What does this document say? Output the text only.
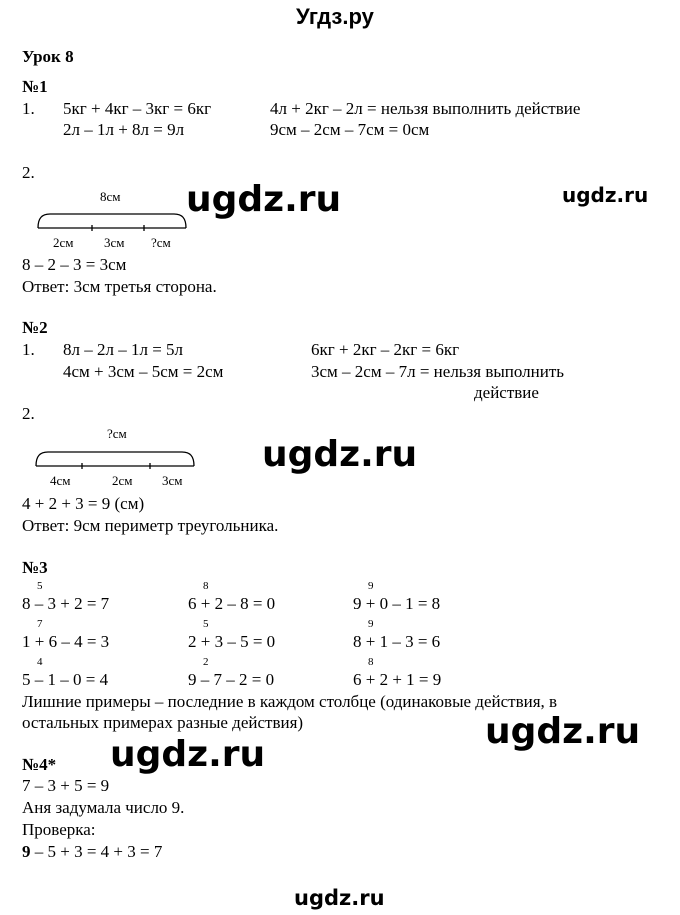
Угдз.ру
Урок 8
№1
1. 5кг + 4кг – 3кг = 6кг	4л + 2кг – 2л = нельзя выполнить действие
2л – 1л + 8л = 9л	9см – 2см – 7см = 0см
2.
8см
2см 3см ?см
8 – 2 – 3 = 3см
Ответ: 3см третья сторона.
ugdz.ru	ugdz.ru
№2
1. 8л – 2л – 1л = 5л	6кг + 2кг – 2кг = 6кг
4см + 3см – 5см = 2см	3см – 2см – 7л = нельзя выполнить
действие
2.
?см
4см	2см 3см
4 + 2 + 3 = 9 (см)
Ответ: 9см периметр треугольника.
ugdz.ru
№3
5	8	9
8 – 3 + 2 = 7	6 + 2 – 8 = 0	9 + 0 – 1 = 8
7	5	9
1 + 6 – 4 = 3	2 + 3 – 5 = 0	8 + 1 – 3 = 6
4	2	8
5 – 1 – 0 = 4	9 – 7 – 2 = 0	6 + 2 + 1 = 9
Лишние примеры – последние в каждом столбце (одинаковые действия, в
остальных примерах разные действия)
ugdz.ru
ugdz.ru
№4*
7 – 3 + 5 = 9
Аня задумала число 9.
Проверка:
9 – 5 + 3 = 4 + 3 = 7
ugdz.ru
